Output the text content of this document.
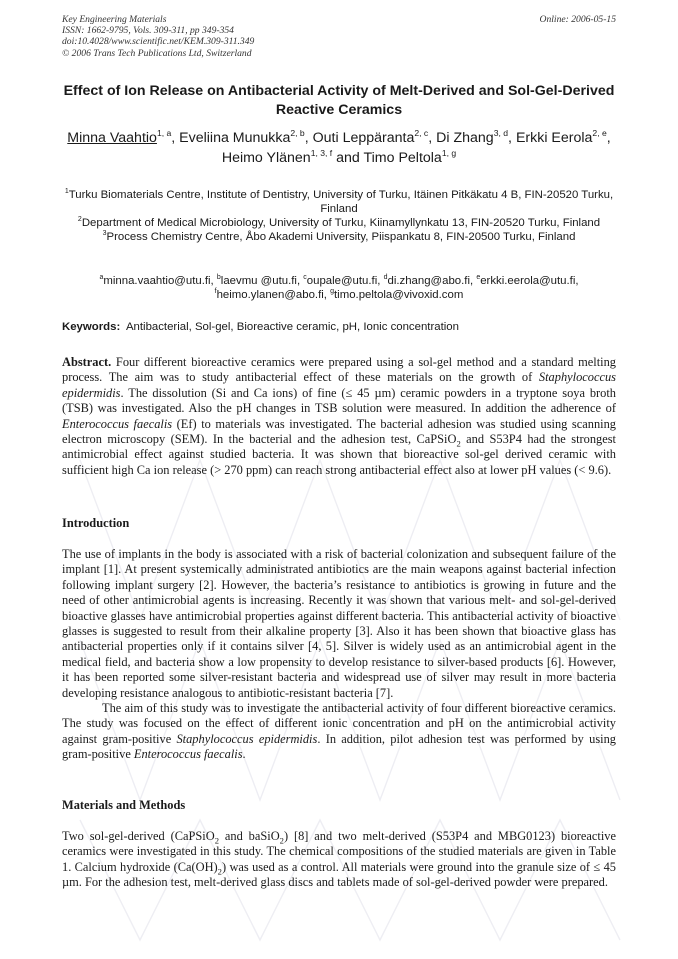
Key Engineering Materials
ISSN: 1662-9795, Vols. 309-311, pp 349-354
doi:10.4028/www.scientific.net/KEM.309-311.349
© 2006 Trans Tech Publications Ltd, Switzerland
Online: 2006-05-15
Effect of Ion Release on Antibacterial Activity of Melt-Derived and Sol-Gel-Derived Reactive Ceramics
Minna Vaahtio$^{1, a}$, Eveliina Munukka$^{2, b}$, Outi Leppäranta$^{2, c}$, Di Zhang$^{3, d}$, Erkki Eerola$^{2, e}$, Heimo Ylänen$^{1, 3, f}$ and Timo Peltola$^{1, g}$
$^1$Turku Biomaterials Centre, Institute of Dentistry, University of Turku, Itäinen Pitkäkatu 4 B, FIN-20520 Turku, Finland
$^2$Department of Medical Microbiology, University of Turku, Kiinamyllynkatu 13, FIN-20520 Turku, Finland
$^3$Process Chemistry Centre, Åbo Akademi University, Piispankatu 8, FIN-20500 Turku, Finland
$^a$minna.vaahtio@utu.fi, $^b$laevmu @utu.fi, $^c$oupale@utu.fi, $^d$di.zhang@abo.fi, $^e$erkki.eerola@utu.fi,
$^f$heimo.ylanen@abo.fi, $^g$timo.peltola@vivoxid.com
Keywords: Antibacterial, Sol-gel, Bioreactive ceramic, pH, Ionic concentration
Abstract. Four different bioreactive ceramics were prepared using a sol-gel method and a standard melting process. The aim was to study antibacterial effect of these materials on the growth of Staphylococcus epidermidis. The dissolution (Si and Ca ions) of fine (≤ 45 µm) ceramic powders in a tryptone soya broth (TSB) was investigated. Also the pH changes in TSB solution were measured. In addition the adherence of Enterococcus faecalis (Ef) to materials was investigated. The bacterial adhesion was studied using scanning electron microscopy (SEM). In the bacterial and the adhesion test, CaPSiO$_2$ and S53P4 had the strongest antimicrobial effect against studied bacteria. It was shown that bioreactive sol-gel derived ceramic with sufficient high Ca ion release (> 270 ppm) can reach strong antibacterial effect also at lower pH values (< 9.6).
Introduction

The use of implants in the body is associated with a risk of bacterial colonization and subsequent failure of the implant [1]. At present systemically administrated antibiotics are the main weapons against bacterial infection following implant surgery [2]. However, the bacteria’s resistance to antibiotics is growing in future and the need of other antimicrobial agents is increasing. Recently it was shown that various melt- and sol-gel-derived bioactive glasses have antimicrobial properties against different bacteria. This antibacterial activity of bioactive glasses is suggested to result from their alkaline property [3]. Also it has been shown that bioactive glass has antibacterial properties only if it contains silver [4, 5]. Silver is widely used as an antimicrobial agent in the medical field, and bacteria show a low propensity to develop resistance to silver-based products [6]. However, it has been reported some silver-resistant bacteria and widespread use of silver may result in more bacteria developing resistance analogous to antibiotic-resistant bacteria [7].

The aim of this study was to investigate the antibacterial activity of four different bioreactive ceramics. The study was focused on the effect of different ionic concentration and pH on the antimicrobial activity against gram-positive Staphylococcus epidermidis. In addition, pilot adhesion test was performed by using gram-positive Enterococcus faecalis.

Materials and Methods
Two sol-gel-derived (CaPSiO$_2$ and baSiO$_2$) [8] and two melt-derived (S53P4 and MBG0123) bioreactive ceramics were investigated in this study. The chemical compositions of the studied materials are given in Table 1. Calcium hydroxide $(Ca(OH)_2)$ was used as a control. All materials were ground into the granule size of ≤ 45 µm. For the adhesion test, melt-derived glass discs and tablets made of sol-gel-derived powder were prepared.
